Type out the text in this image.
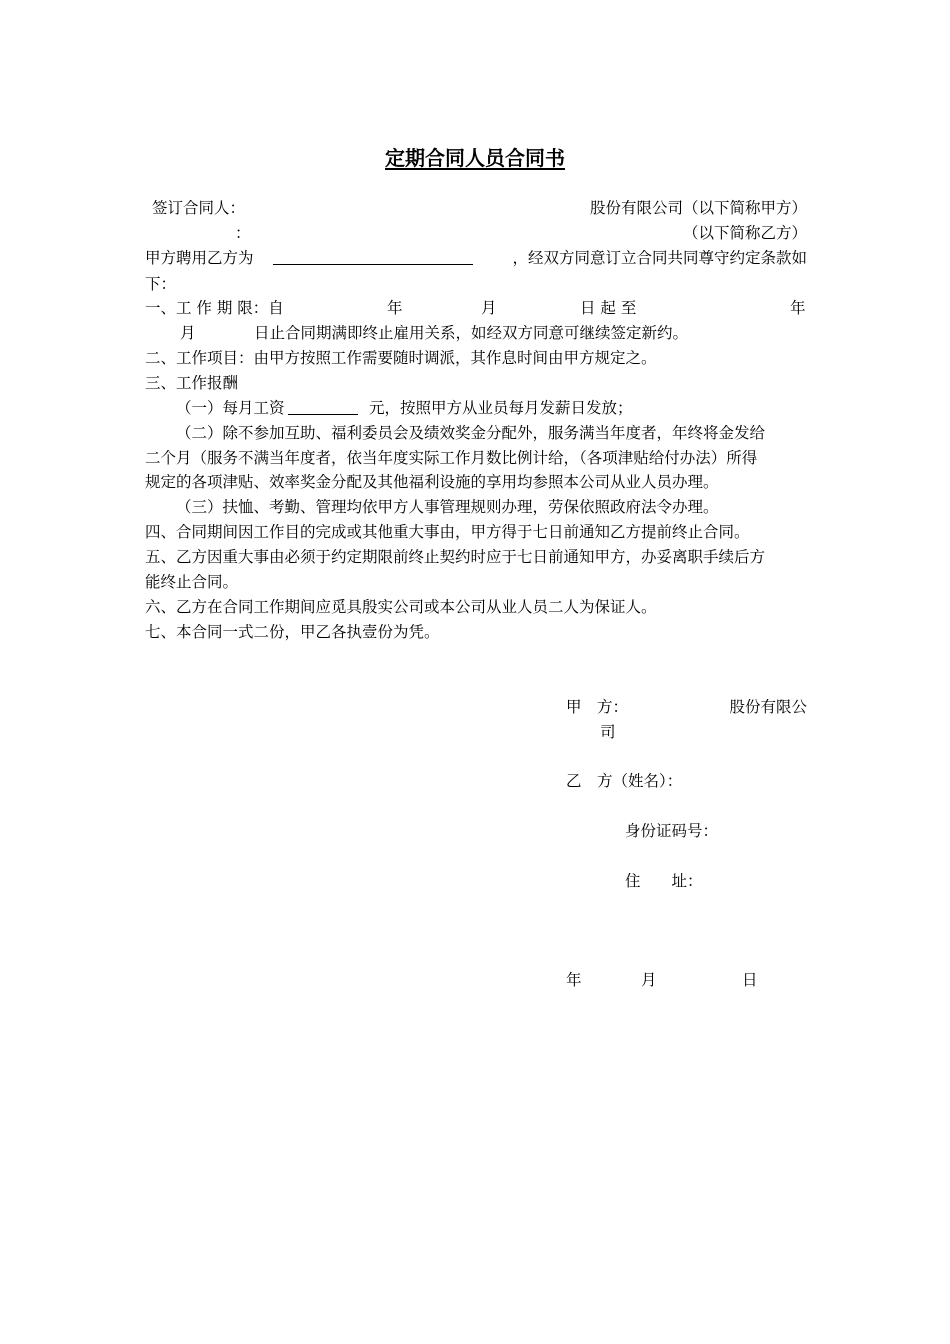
定期合同人员合同书
签订合同人：	股份有限公司（以下简称甲方）
：	（以下简称乙方）
甲方聘用乙方为	，经双方同意订立合同共同尊守约定条款如
下：
一、工 作 期 限：自	年	月	日 起 至	年
月	日止合同期满即终止雇用关系，如经双方同意可继续签定新约。
二、工作项目：由甲方按照工作需要随时调派，其作息时间由甲方规定之。
三、工作报酬
（一）每月工资	元，按照甲方从业员每月发薪日发放；
（二）除不参加互助、福利委员会及绩效奖金分配外，服务满当年度者，年终将金发给
二个月（服务不满当年度者，依当年度实际工作月数比例计给，（各项津贴给付办法）所得
规定的各项津贴、效率奖金分配及其他福利设施的享用均参照本公司从业人员办理。
（三）扶恤、考勤、管理均依甲方人事管理规则办理，劳保依照政府法令办理。
四、合同期间因工作目的完成或其他重大事由，甲方得于七日前通知乙方提前终止合同。
五、乙方因重大事由必须于约定期限前终止契约时应于七日前通知甲方，办妥离职手续后方
能终止合同。
六、乙方在合同工作期间应觅具殷实公司或本公司从业人员二人为保证人。
七、本合同一式二份，甲乙各执壹份为凭。
甲　方：	股份有限公
司
乙　方（姓名）：
身份证码号：
住　　址：
年	月	日
